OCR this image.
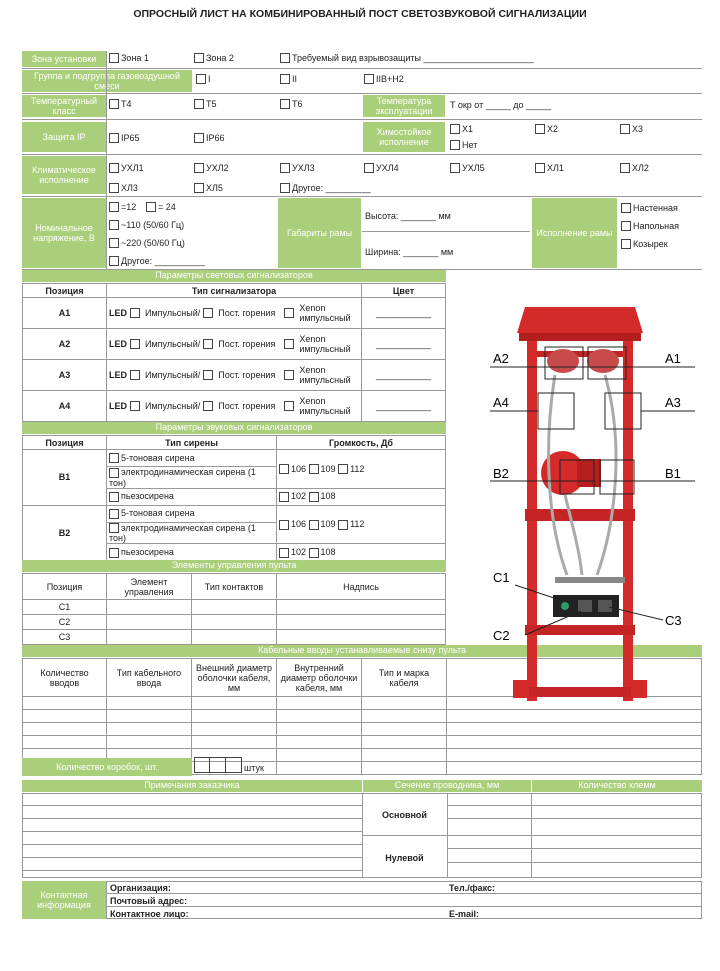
ОПРОСНЫЙ ЛИСТ НА КОМБИНИРОВАННЫЙ ПОСТ СВЕТОЗВУКОВОЙ СИГНАЛИЗАЦИИ
Зона установки	Зона 1	Зона 2	Требуемый вид взрывозащиты ______________________
Группа и подгруппа газовоздушной смеси
I	II	IIB+H2
Температурный класс
T4	T5	T6	Температура эксплуатации
T окр от _____ до _____
Защита IP	IP65	IP66
Химостойкое исполнение
X1	X2	X3
Нет
Климатическое исполнение
УХЛ1	УХЛ2	УХЛ3	УХЛ4	УХЛ5	ХЛ1	ХЛ2
ХЛ3	ХЛ5	Другое: _________
Номинальное напряжение, В
=12 = 24
~110 (50/60 Гц)
~220 (50/60 Гц)
Другое: __________
Габариты рамы
Высота: _______ мм
Ширина: _______ мм
Исполнение рамы
Настенная
Напольная
Козырек
Параметры световых сигнализаторов
Позиция	Тип сигнализатора	Цвет
A1	LED Импульсный/ Пост. горения Xenon импульсный	___________
A2	LED Импульсный/ Пост. горения Xenon импульсный	___________
A3	LED Импульсный/ Пост. горения Xenon импульсный	___________
A4	LED Импульсный/ Пост. горения Xenon импульсный	___________
Параметры звуковых сигнализаторов
Позиция	Тип сирены	Громкость, Дб
B1	5-тоновая сирена	106 109 112
	электродинамическая сирена (1 тон)	
	пьезосирена	102 108
B2	5-тоновая сирена	106 109 112
	электродинамическая сирена (1 тон)	
	пьезосирена	102 108
Элементы управления пульта
Позиция	Элемент управления	Тип контактов	Надпись
C1			
C2			
C3			
Кабельные вводы устанавливаемые снизу пульта
Количество вводов	Тип кабельного ввода	Внешний диаметр оболочки кабеля, мм	Внутренний диаметр оболочки кабеля, мм	Тип и марка кабеля	

Количество коробок, шт.	штук
Примечания заказчика	Сечение проводника, мм	Количество клемм
Основной
Нулевой
Контактная информация
Организация:
Почтовый адрес:
Контактное лицо:
Тел./факс:
E-mail:
A2	A1
A4	A3
B2	B1
C1
C2
C3
